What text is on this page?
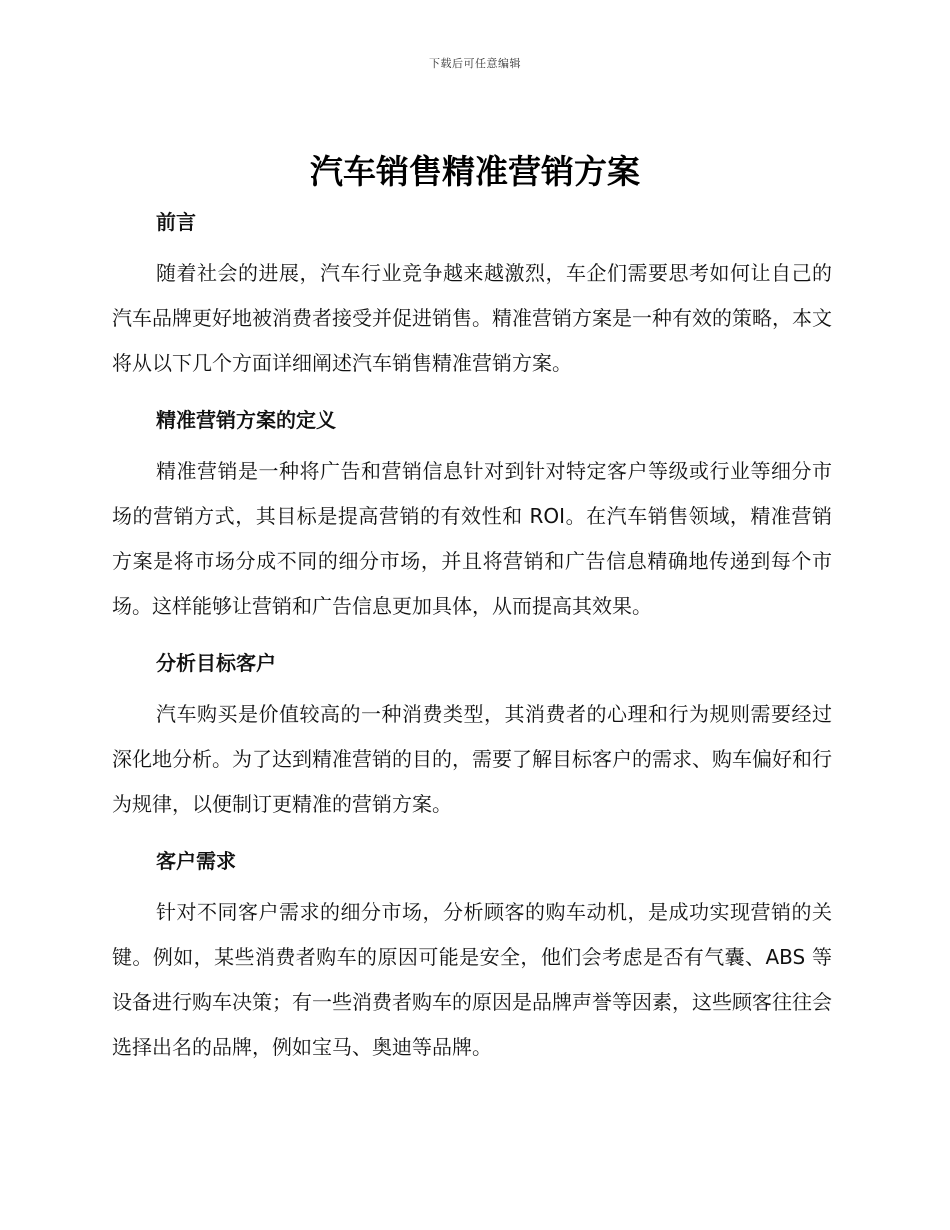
下载后可任意编辑
汽车销售精准营销方案
前言

随着社会的进展，汽车行业竞争越来越激烈，车企们需要思考如何让自己的汽车品牌更好地被消费者接受并促进销售。精准营销方案是一种有效的策略，本文将从以下几个方面详细阐述汽车销售精准营销方案。

精准营销方案的定义

精准营销是一种将广告和营销信息针对到针对特定客户等级或行业等细分市场的营销方式，其目标是提高营销的有效性和 ROI。在汽车销售领域，精准营销方案是将市场分成不同的细分市场，并且将营销和广告信息精确地传递到每个市场。这样能够让营销和广告信息更加具体，从而提高其效果。

分析目标客户

汽车购买是价值较高的一种消费类型，其消费者的心理和行为规则需要经过深化地分析。为了达到精准营销的目的，需要了解目标客户的需求、购车偏好和行为规律，以便制订更精准的营销方案。

客户需求

针对不同客户需求的细分市场，分析顾客的购车动机，是成功实现营销的关键。例如，某些消费者购车的原因可能是安全，他们会考虑是否有气囊、ABS 等设备进行购车决策；有一些消费者购车的原因是品牌声誉等因素，这些顾客往往会选择出名的品牌，例如宝马、奥迪等品牌。
